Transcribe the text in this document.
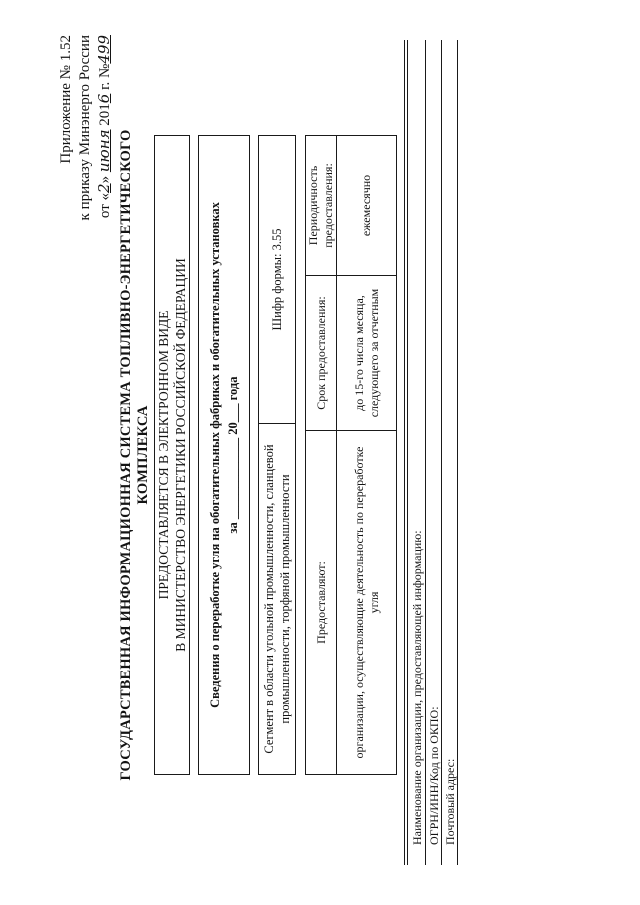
Приложение № 1.52 к приказу Минэнерго России от «2» июня 2016 г. №499
ГОСУДАРСТВЕННАЯ ИНФОРМАЦИОННАЯ СИСТЕМА ТОПЛИВНО-ЭНЕРГЕТИЧЕСКОГО КОМПЛЕКСА ПРЕДОСТАВЛЯЕТСЯ В ЭЛЕКТРОННОМ ВИДЕ В МИНИСТЕРСТВО ЭНЕРГЕТИКИ РОССИЙСКОЙ ФЕДЕРАЦИИ Сведения о переработке угля на обогатительных фабриках и обогатительных установках за _____________ 20___ года Сегмент в области угольной промышленности, сланцевой промышленности, торфяной промышленности
Шифр формы: 3.55
Предоставляют:
Срок предоставления:
Периодичность предоставления:
организации, осуществляющие деятельность по переработке угля
до 15-го числа месяца, следующего за отчетным
ежемесячно
Наименование организации, предоставляющей информацию: ОГРН/ИНН/Код по ОКПО: Почтовый адрес:
